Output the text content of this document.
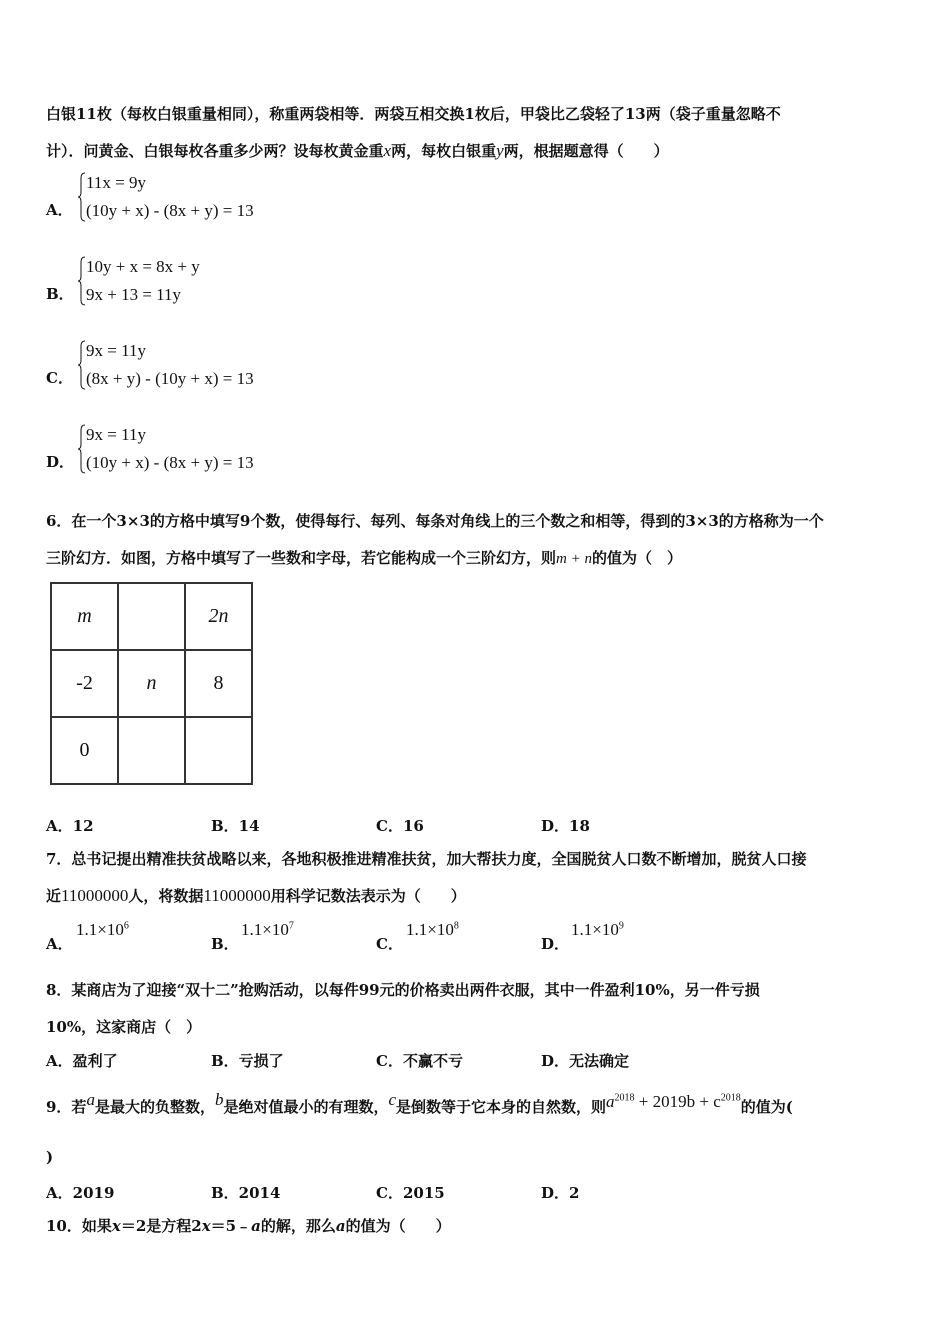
白银11枚（每枚白银重量相同），称重两袋相等．两袋互相交换1枚后，甲袋比乙袋轻了13两（袋子重量忽略不
计）．问黄金、白银每枚各重多少两？设每枚黄金重x两，每枚白银重y两，根据题意得（　　）
A．
11x = 9y
(10y + x) - (8x + y) = 13
B．
10y + x = 8x + y
9x + 13 = 11y
C．
9x = 11y
(8x + y) - (10y + x) = 13
D．
9x = 11y
(10y + x) - (8x + y) = 13
6．在一个3×3的方格中填写9个数，使得每行、每列、每条对角线上的三个数之和相等，得到的3×3的方格称为一个
三阶幻方．如图，方格中填写了一些数和字母，若它能构成一个三阶幻方，则m + n的值为（　）
m		2n
-2	n	8
0		
A．12	B．14	C．16	D．18
7．总书记提出精准扶贫战略以来，各地积极推进精准扶贫，加大帮扶力度，全国脱贫人口数不断增加，脱贫人口接
近11000000人，将数据11000000用科学记数法表示为（　　）
A．
$1.1\times 10^6$
B．
$1.1\times 10^7$
C．
$1.1\times 10^8$
D．
$1.1\times 10^9$
8．某商店为了迎接“双十二”抢购活动，以每件99元的价格卖出两件衣服，其中一件盈利10%，另一件亏损
10%，这家商店（　）
A．盈利了	B．亏损了	C．不赢不亏	D．无法确定
9．若a是最大的负整数，b是绝对值最小的有理数，c是倒数等于它本身的自然数，则$a^{2018} + 2019b + c^{2018}$的值为(
)
A．2019	B．2014	C．2015	D．2
10．如果x＝2是方程2x＝5﹣a的解，那么a的值为（　　）
